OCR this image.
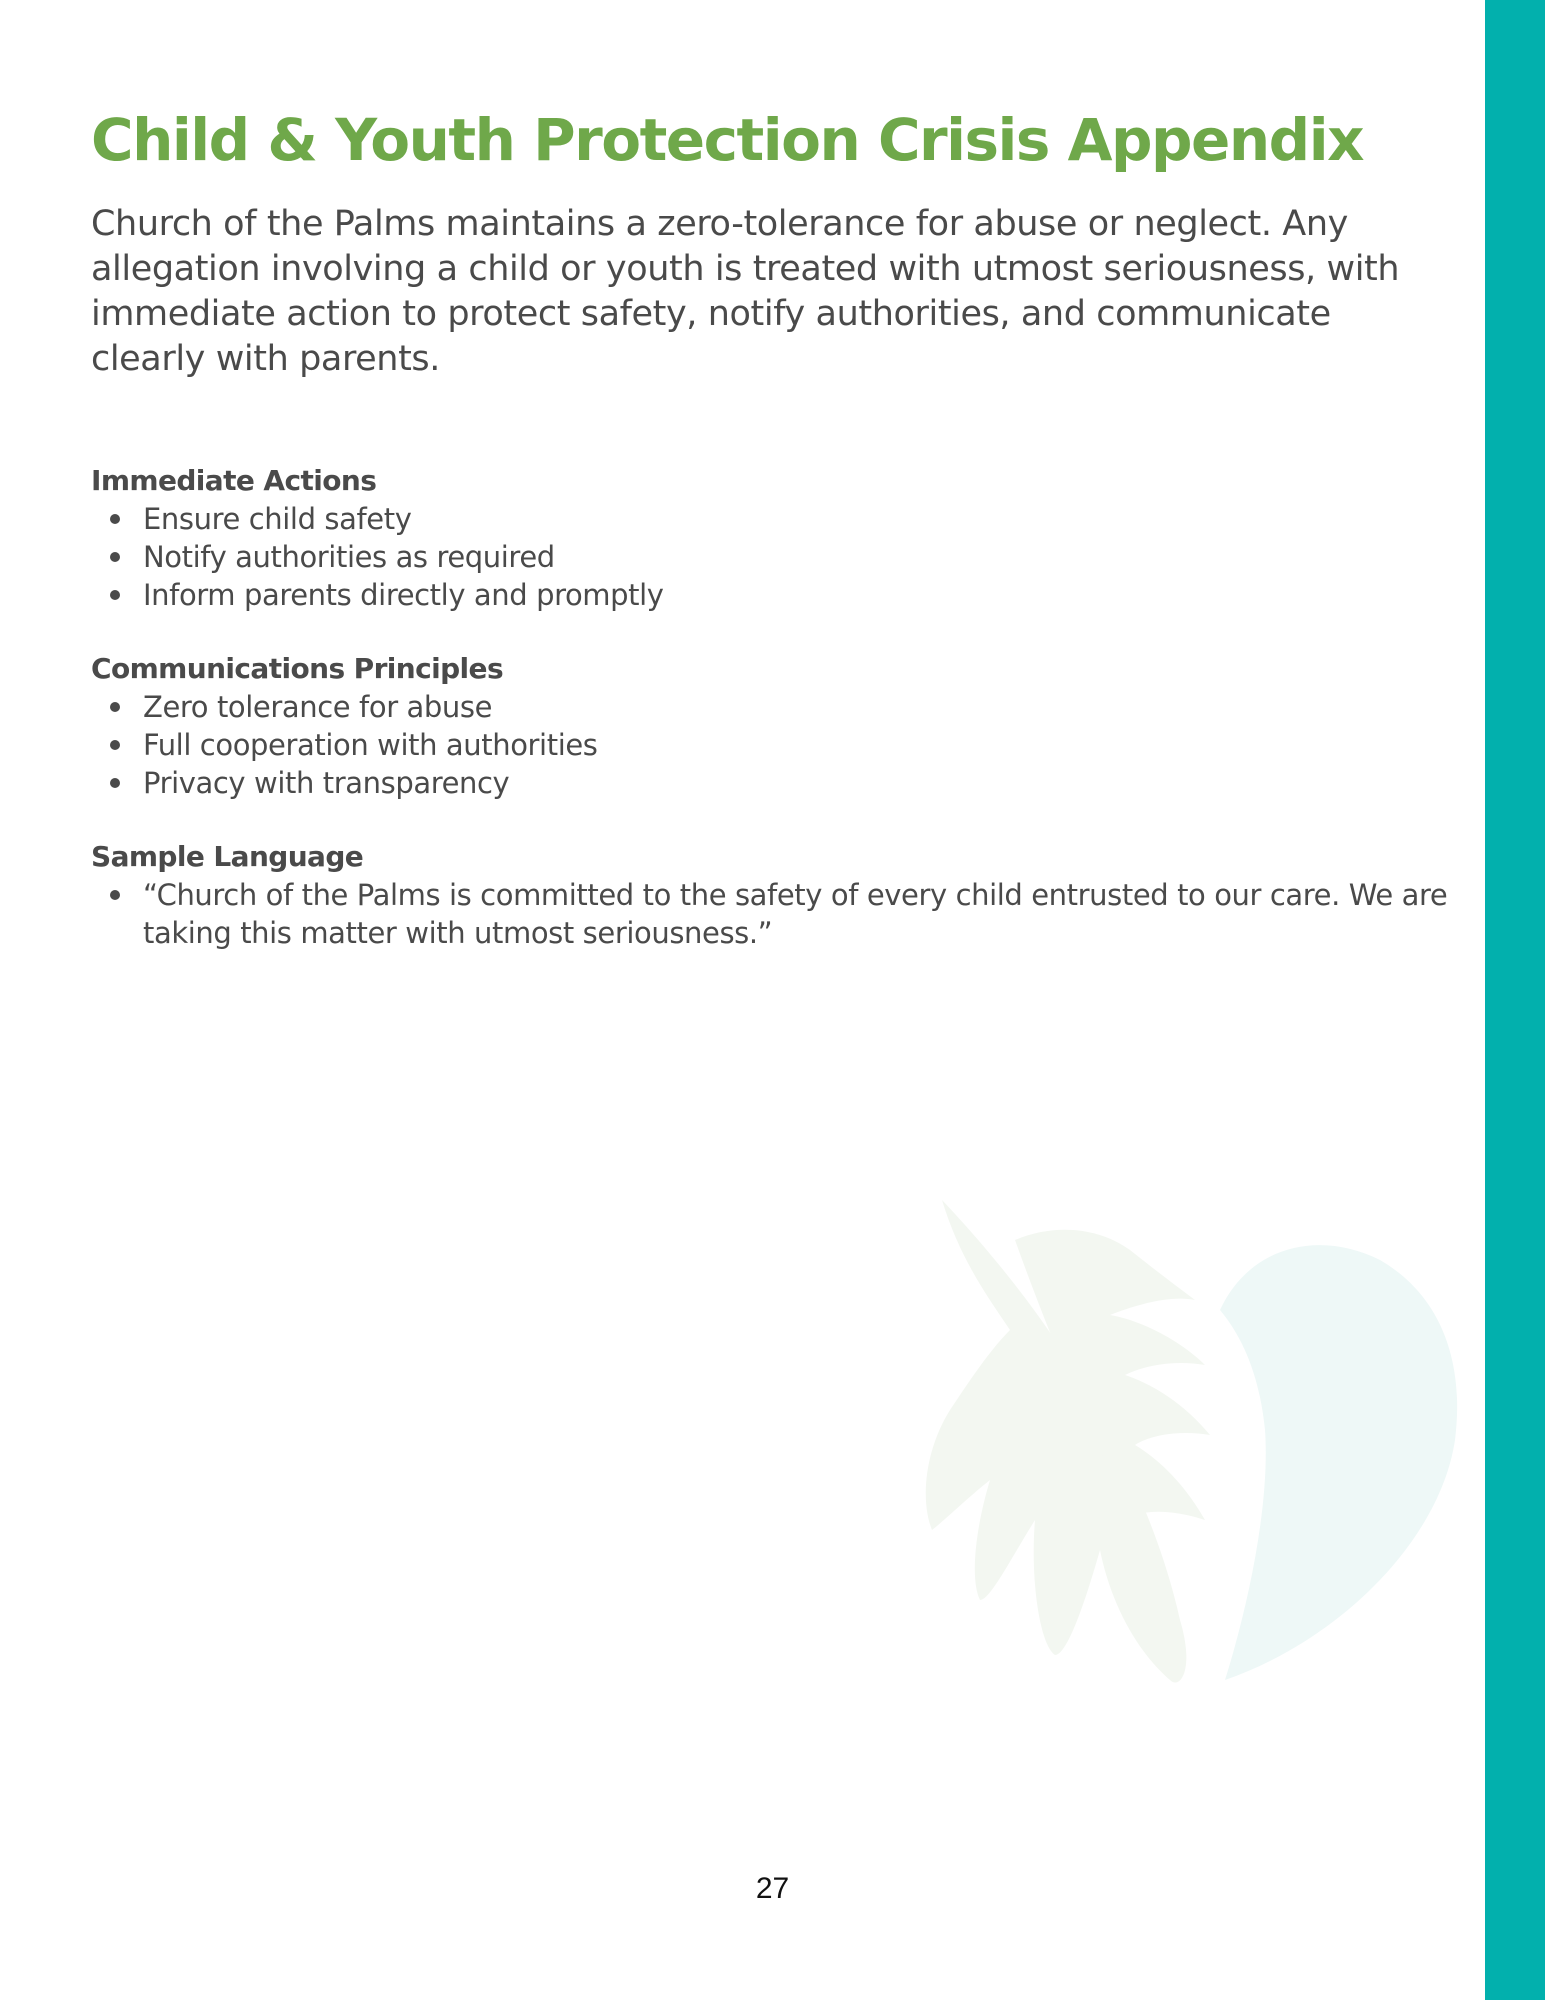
Child & Youth Protection Crisis Appendix

Church of the Palms maintains a zero-tolerance for abuse or neglect. Any allegation involving a child or youth is treated with utmost seriousness, with immediate action to protect safety, notify authorities, and communicate clearly with parents.

Immediate Actions
Ensure child safety
Notify authorities as required
Inform parents directly and promptly
Communications Principles
Zero tolerance for abuse
Full cooperation with authorities
Privacy with transparency
Sample Language
“Church of the Palms is committed to the safety of every child entrusted to our care. We are taking this matter with utmost seriousness.”
27
